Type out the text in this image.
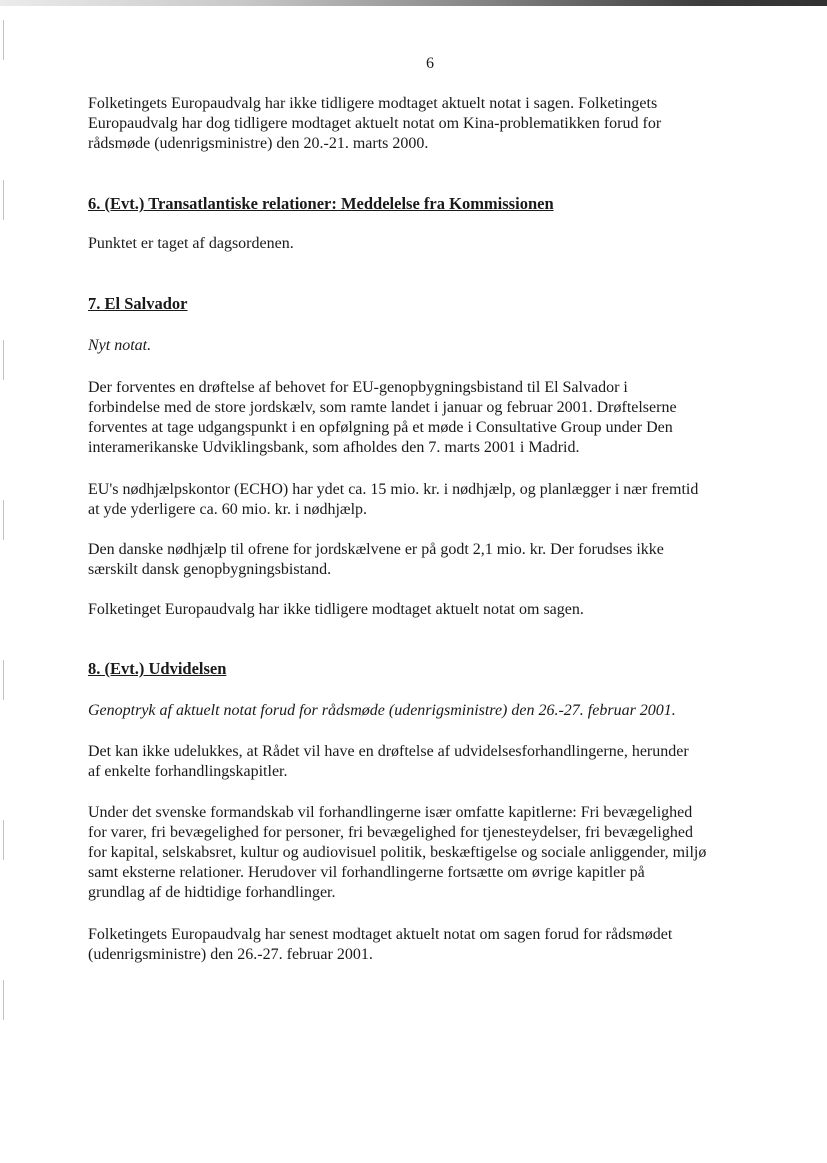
6
Folketingets Europaudvalg har ikke tidligere modtaget aktuelt notat i sagen. Folketingets
Europaudvalg har dog tidligere modtaget aktuelt notat om Kina-problematikken forud for
rådsmøde (udenrigsministre) den 20.-21. marts 2000.
6. (Evt.) Transatlantiske relationer: Meddelelse fra Kommissionen
Punktet er taget af dagsordenen.
7. El Salvador
Nyt notat.
Der forventes en drøftelse af behovet for EU-genopbygningsbistand til El Salvador i
forbindelse med de store jordskælv, som ramte landet i januar og februar 2001. Drøftelserne
forventes at tage udgangspunkt i en opfølgning på et møde i Consultative Group under Den
interamerikanske Udviklingsbank, som afholdes den 7. marts 2001 i Madrid.
EU's nødhjælpskontor (ECHO) har ydet ca. 15 mio. kr. i nødhjælp, og planlægger i nær fremtid
at yde yderligere ca. 60 mio. kr. i nødhjælp.
Den danske nødhjælp til ofrene for jordskælvene er på godt 2,1 mio. kr. Der forudses ikke
særskilt dansk genopbygningsbistand.
Folketinget Europaudvalg har ikke tidligere modtaget aktuelt notat om sagen.
8. (Evt.) Udvidelsen
Genoptryk af aktuelt notat forud for rådsmøde (udenrigsministre) den 26.-27. februar 2001.
Det kan ikke udelukkes, at Rådet vil have en drøftelse af udvidelsesforhandlingerne, herunder
af enkelte forhandlingskapitler.
Under det svenske formandskab vil forhandlingerne især omfatte kapitlerne: Fri bevægelighed
for varer, fri bevægelighed for personer, fri bevægelighed for tjenesteydelser, fri bevægelighed
for kapital, selskabsret, kultur og audiovisuel politik, beskæftigelse og sociale anliggender, miljø
samt eksterne relationer. Herudover vil forhandlingerne fortsætte om øvrige kapitler på
grundlag af de hidtidige forhandlinger.
Folketingets Europaudvalg har senest modtaget aktuelt notat om sagen forud for rådsmødet
(udenrigsministre) den 26.-27. februar 2001.
